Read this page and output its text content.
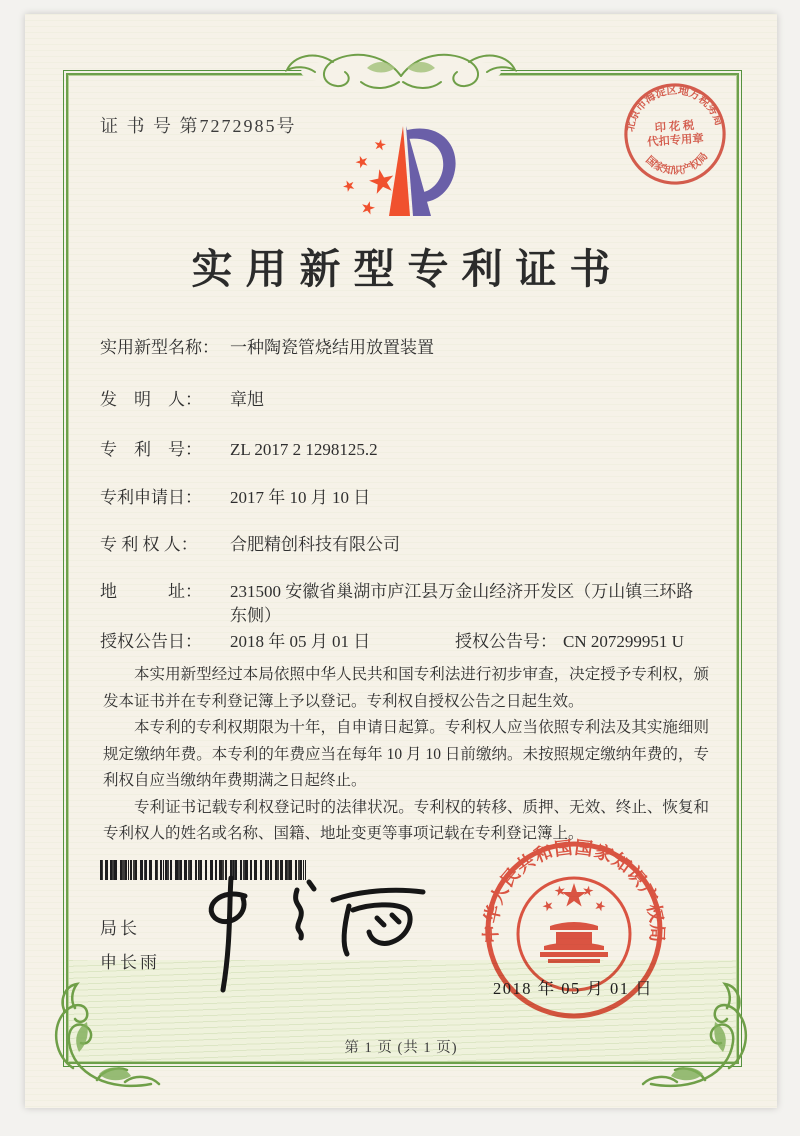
证 书 号 第7272985号	北京市海淀区地方税务局
印 花 税
代扣专用章
国家知识产权局
实用新型专利证书
实用新型名称： 一种陶瓷管烧结用放置装置
发　明　人：	章旭
专　利　号：	ZL 2017 2 1298125.2
专利申请日：	2017 年 10 月 10 日
专 利 权 人：	合肥精创科技有限公司
地　　　址：	231500 安徽省巢湖市庐江县万金山经济开发区（万山镇三环路东侧）
授权公告日：	2018 年 05 月 01 日	授权公告号： CN 207299951 U

本实用新型经过本局依照中华人民共和国专利法进行初步审查，决定授予专利权，颁发本证书并在专利登记簿上予以登记。专利权自授权公告之日起生效。

本专利的专利权期限为十年，自申请日起算。专利权人应当依照专利法及其实施细则规定缴纳年费。本专利的年费应当在每年 10 月 10 日前缴纳。未按照规定缴纳年费的，专利权自应当缴纳年费期满之日起终止。

专利证书记载专利权登记时的法律状况。专利权的转移、质押、无效、终止、恢复和专利权人的姓名或名称、国籍、地址变更等事项记载在专利登记簿上。

局长
申长雨
中华人民共和国国家知识产权局
2018 年 05 月 01 日
第 1 页 (共 1 页)
